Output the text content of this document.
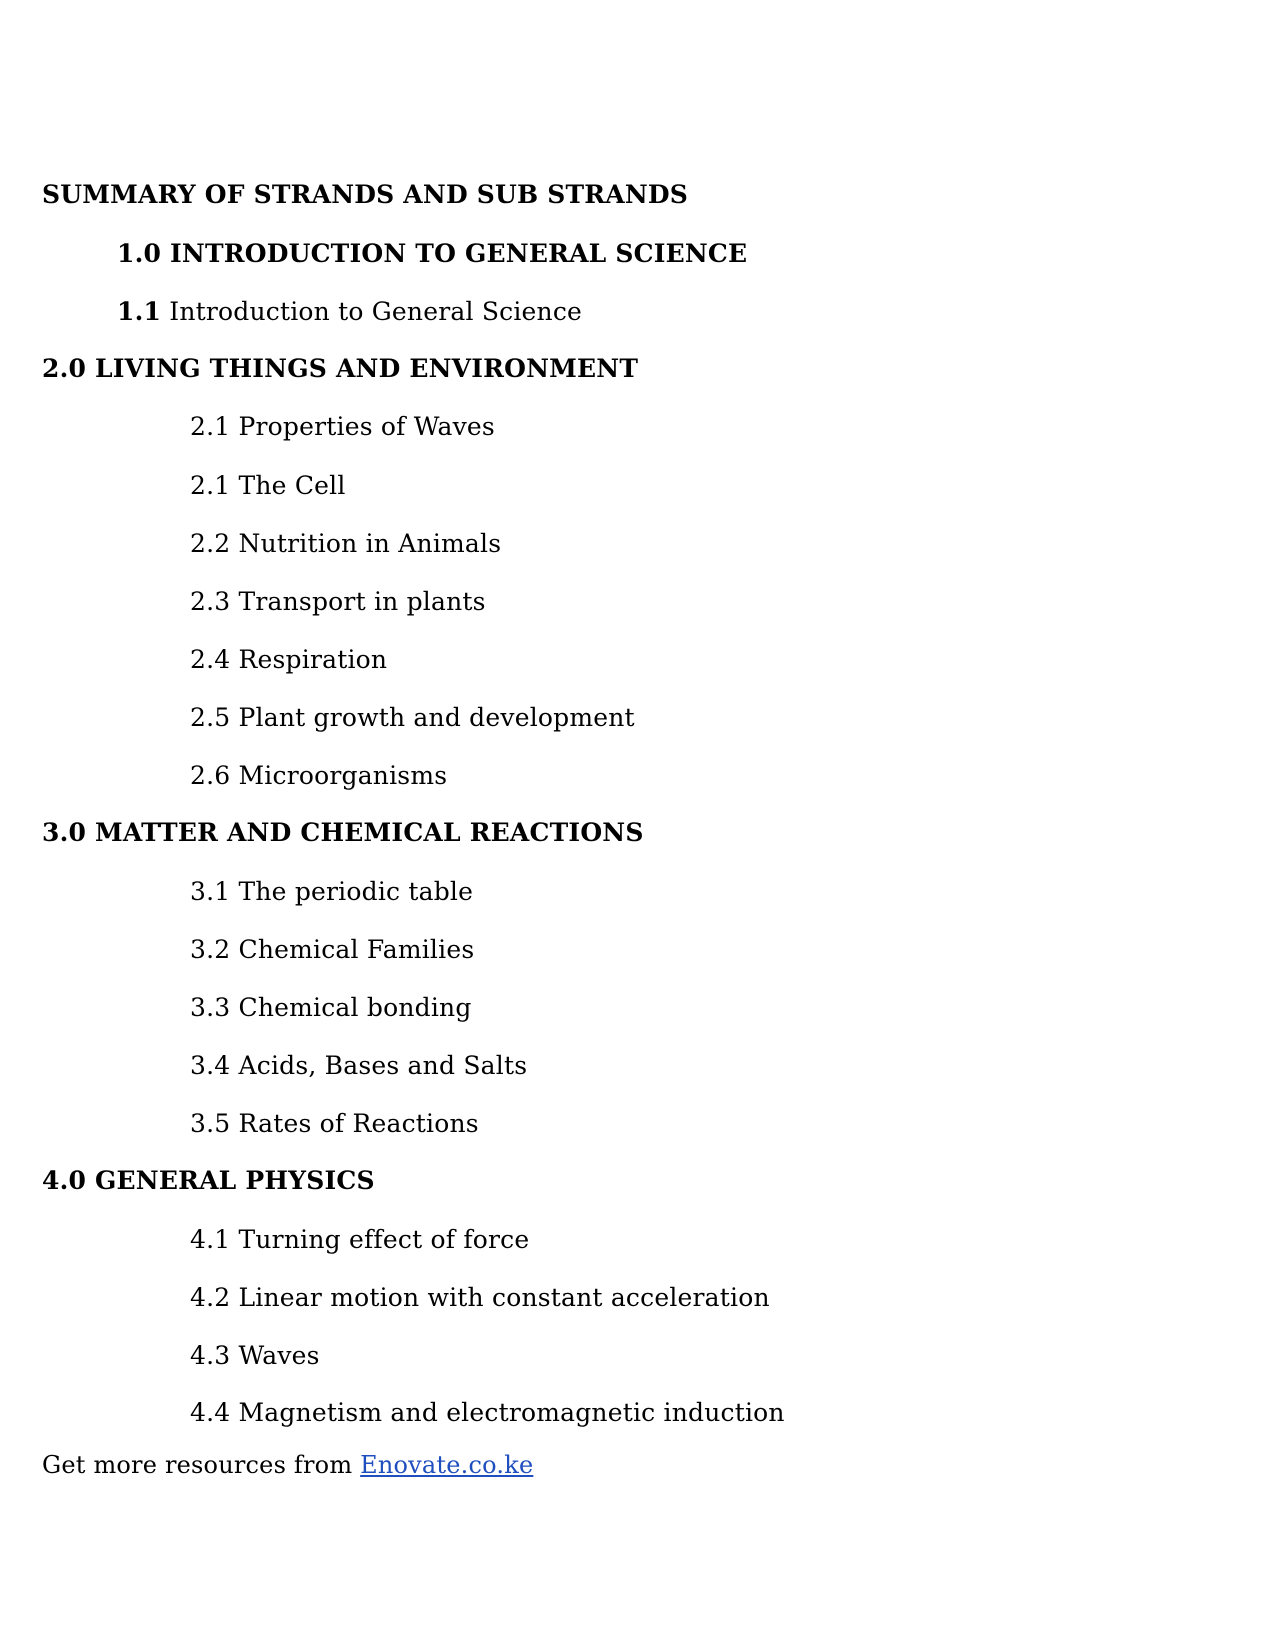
SUMMARY OF STRANDS AND SUB STRANDS
1.0 INTRODUCTION TO GENERAL SCIENCE
1.1 Introduction to General Science
2.0 LIVING THINGS AND ENVIRONMENT
2.1 Properties of Waves
2.1 The Cell
2.2 Nutrition in Animals
2.3 Transport in plants
2.4 Respiration
2.5 Plant growth and development
2.6 Microorganisms
3.0 MATTER AND CHEMICAL REACTIONS
3.1 The periodic table
3.2 Chemical Families
3.3 Chemical bonding
3.4 Acids, Bases and Salts
3.5 Rates of Reactions
4.0 GENERAL PHYSICS
4.1 Turning effect of force
4.2 Linear motion with constant acceleration
4.3 Waves
4.4 Magnetism and electromagnetic induction
Get more resources from Enovate.co.ke
